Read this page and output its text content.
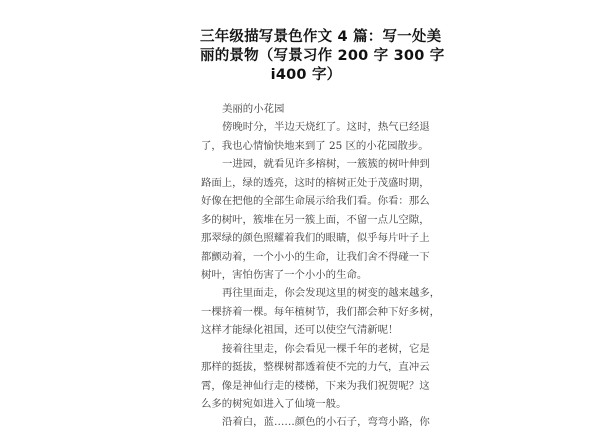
三年级描写景色作文 4 篇：写一处美
丽的景物（写景习作 200 字 300 字
i400 字）
美丽的小花园
傍晚时分，半边天烧红了。这时，热气已经退
了，我也心情愉快地来到了 25 区的小花园散步。
一进园，就看见许多榕树，一簇簇的树叶伸到
路面上，绿的透亮，这时的榕树正处于茂盛时期，
好像在把他的全部生命展示给我们看。你看：那么
多的树叶，簇堆在另一簇上面，不留一点儿空隙，
那翠绿的颜色照耀着我们的眼睛，似乎每片叶子上
都颤动着，一个小小的生命，让我们舍不得碰一下
树叶，害怕伤害了一个小小的生命。
再往里面走，你会发现这里的树变的越来越多，
一棵挤着一棵。每年植树节，我们都会种下好多树，
这样才能绿化祖国，还可以使空气清新呢！
接着往里走，你会看见一棵千年的老树，它是
那样的挺拔，整棵树都透着使不完的力气，直冲云
霄，像是神仙行走的楼梯，下来为我们祝贺呢？这
么多的树宛如进入了仙境一般。
沿着白，蓝……颜色的小石子，弯弯小路，你
